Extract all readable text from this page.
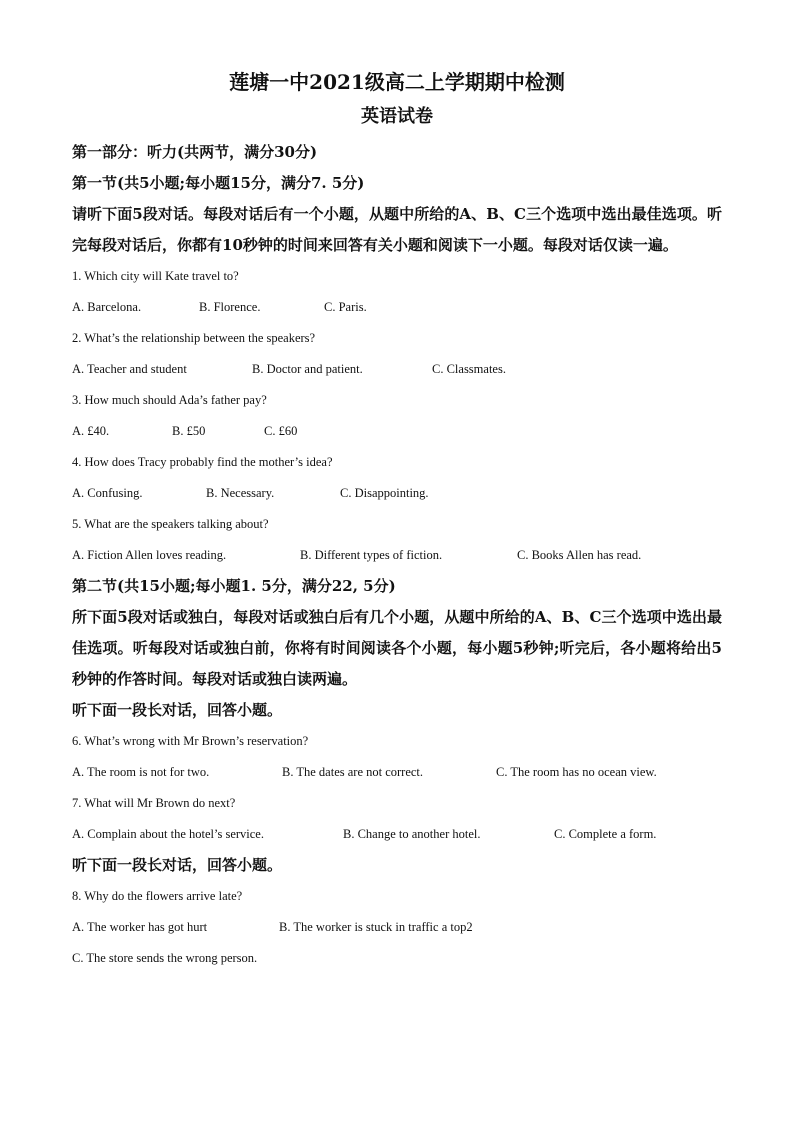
莲塘一中2021级高二上学期期中检测

英语试卷

第一部分：听力(共两节，满分30分)

第一节(共5小题;每小题15分，满分7. 5分)

请听下面5段对话。每段对话后有一个小题，从题中所给的A、B、C三个选项中选出最佳选项。听完每段对话后，你都有10秒钟的时间来回答有关小题和阅读下一小题。每段对话仅读一遍。

1. Which city will Kate travel to?

A. Barcelona.	B. Florence.	C. Paris.

2. What’s the relationship between the speakers?

A. Teacher and student	B. Doctor and patient.	C. Classmates.

3. How much should Ada’s father pay?

A. £40.	B. £50	C. £60

4. How does Tracy probably find the mother’s idea?

A. Confusing.	B. Necessary.	C. Disappointing.

5. What are the speakers talking about?

A. Fiction Allen loves reading.	B. Different types of fiction.	C. Books Allen has read.

第二节(共15小题;每小题1. 5分，满分22, 5分)

所下面5段对话或独白，每段对话或独白后有几个小题，从题中所给的A、B、C三个选项中选出最佳选项。听每段对话或独白前，你将有时间阅读各个小题，每小题5秒钟;听完后，各小题将给出5秒钟的作答时间。每段对话或独白读两遍。

听下面一段长对话，回答小题。

6. What’s wrong with Mr Brown’s reservation?

A. The room is not for two.	B. The dates are not correct.	C. The room has no ocean view.

7. What will Mr Brown do next?

A. Complain about the hotel’s service.	B. Change to another hotel.	C. Complete a form.

听下面一段长对话，回答小题。

8. Why do the flowers arrive late?

A. The worker has got hurt	B. The worker is stuck in traffic a top2

C. The store sends the wrong person.
